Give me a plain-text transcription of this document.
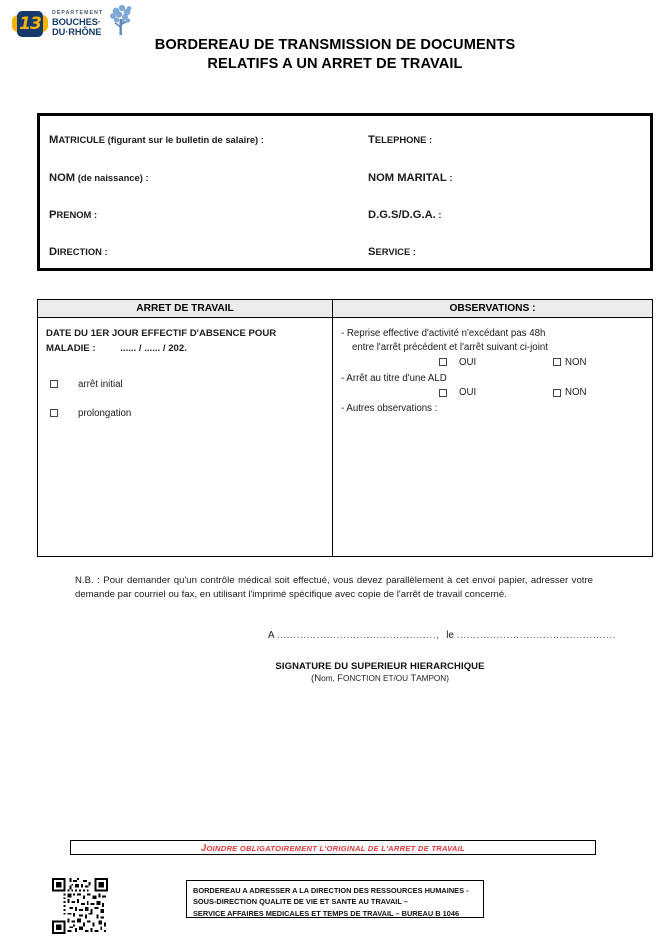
13
DÉPARTEMENT
BOUCHES·
DU·RHÔNE
BORDEREAU DE TRANSMISSION DE DOCUMENTS
RELATIFS A UN ARRET DE TRAVAIL
MATRICULE (figurant sur le bulletin de salaire) :	TELEPHONE :
NOM (de naissance) :	NOM MARITAL :
PRENOM :	D.G.S/D.G.A. :
DIRECTION :	SERVICE :
ARRET DE TRAVAIL	OBSERVATIONS :
DATE DU 1ER JOUR EFFECTIF D'ABSENCE POUR
MALADIE :	...... / ...... / 202.
arrêt initial
prolongation
- Reprise effective d'activité n'excédant pas 48h
entre l'arrêt précédent et l'arrêt suivant ci-joint
OUI	NON
- Arrêt au titre d'une ALD
OUI	NON
- Autres observations :
N.B. : Pour demander qu'un contrôle médical soit effectué, vous devez parallèlement à cet envoi papier, adresser votre demande par courriel ou fax, en utilisant l'imprimé spécifique avec copie de l'arrêt de travail concerné.
A ................................................, le ................................................
SIGNATURE DU SUPERIEUR HIERARCHIQUE
(Nom, FONCTION ET/OU TAMPON)
JOINDRE OBLIGATOIREMENT L'ORIGINAL DE L'ARRET DE TRAVAIL
BORDEREAU A ADRESSER A LA DIRECTION DES RESSOURCES HUMAINES -
SOUS-DIRECTION QUALITE DE VIE ET SANTE AU TRAVAIL –
SERVICE AFFAIRES MEDICALES ET TEMPS DE TRAVAIL – BUREAU B 1046
